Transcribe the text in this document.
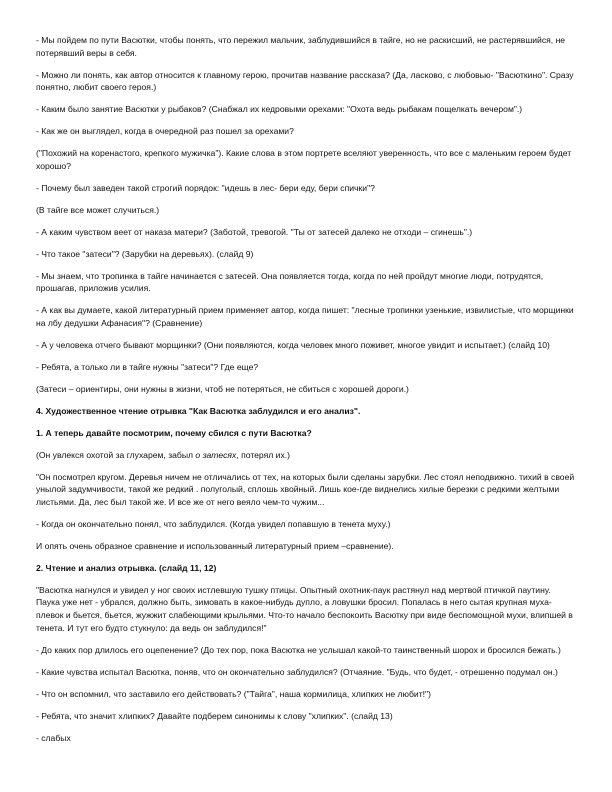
- Мы пойдем по пути Васютки, чтобы понять, что пережил мальчик, заблудившийся в тайге, но не раскисший, не растерявшийся, не потерявший веры в себя.

- Можно ли понять, как автор относится к главному герою, прочитав название рассказа? (Да, ласково, с любовью- "Васюткино". Сразу понятно, любит своего героя.)

- Каким было занятие Васютки у рыбаков? (Снабжал их кедровыми орехами: "Охота ведь рыбакам пощелкать вечером".)

- Как же он выглядел, когда в очередной раз пошел за орехами?

("Похожий на коренастого, крепкого мужичка"). Какие слова в этом портрете вселяют уверенность, что все с маленьким героем будет хорошо?

- Почему был заведен такой строгий порядок: "идешь в лес- бери еду, бери спички"?

(В тайге все может случиться.)

- А каким чувством веет от наказа матери? (Заботой, тревогой. "Ты от затесей далеко не отходи – сгинешь".)

- Что такое "затеси"? (Зарубки на деревьях). (слайд 9)

- Мы знаем, что тропинка в тайге начинается с затесей. Она появляется тогда, когда по ней пройдут многие люди, потрудятся, прошагав, приложив усилия.

- А как вы думаете, какой литературный прием применяет автор, когда пишет: "лесные тропинки узенькие, извилистые, что морщинки на лбу дедушки Афанасия"? (Сравнение)

- А у человека отчего бывают морщинки? (Они появляются, когда человек много поживет, многое увидит и испытает.) (слайд 10)

- Ребята, а только ли в тайге нужны "затеси"? Где еще?

(Затеси – ориентиры, они нужны в жизни, чтоб не потеряться, не сбиться с хорошей дороги.)

4. Художественное чтение отрывка "Как Васютка заблудился и его анализ".

1. А теперь давайте посмотрим, почему сбился с пути Васютка?

(Он увлекся охотой за глухарем, забыл о затесях, потерял их.)

"Он посмотрел кругом. Деревья ничем не отличались от тех, на которых были сделаны зарубки. Лес стоял неподвижно. тихий в своей унылой задумчивости, такой же редкий . полуголый, сплошь хвойный. Лишь кое-где виднелись хилые березки с редкими желтыми листьями. Да, лес был такой же. И все же от него веяло чем-то чужим...

- Когда он окончательно понял, что заблудился. (Когда увидел попавшую в тенета муху.)

И опять очень образное сравнение и использованный литературный прием –сравнение).

2. Чтение и анализ отрывка. (слайд 11, 12)

"Васютка нагнулся и увидел у ног своих истлевшую тушку птицы. Опытный охотник-паук растянул над мертвой птичкой паутину. Паука уже нет - убрался, должно быть, зимовать в какое-нибудь дупло, а ловушки бросил. Попалась в него сытая крупная муха-плевок и бьется, бьется, жужжит слабеющими крыльями. Что-то начало беспокоить Васютку при виде беспомощной мухи, влипшей в тенета. И тут его будто стукнуло: да ведь он заблудился!"

- До каких пор длилось его оцепенение? (До тех пор, пока Васютка не услышал какой-то таинственный шорох и бросился бежать.)

- Какие чувства испытал Васютка, поняв, что он окончательно заблудился? (Отчаяние. "Будь, что будет, - отрешенно подумал он.)

- Что он вспомнил, что заставило его действовать? ("Тайга", наша кормилица, хлипких не любит!")

- Ребята, что значит хлипких? Давайте подберем синонимы к слову "хлипких". (слайд 13)

- слабых
